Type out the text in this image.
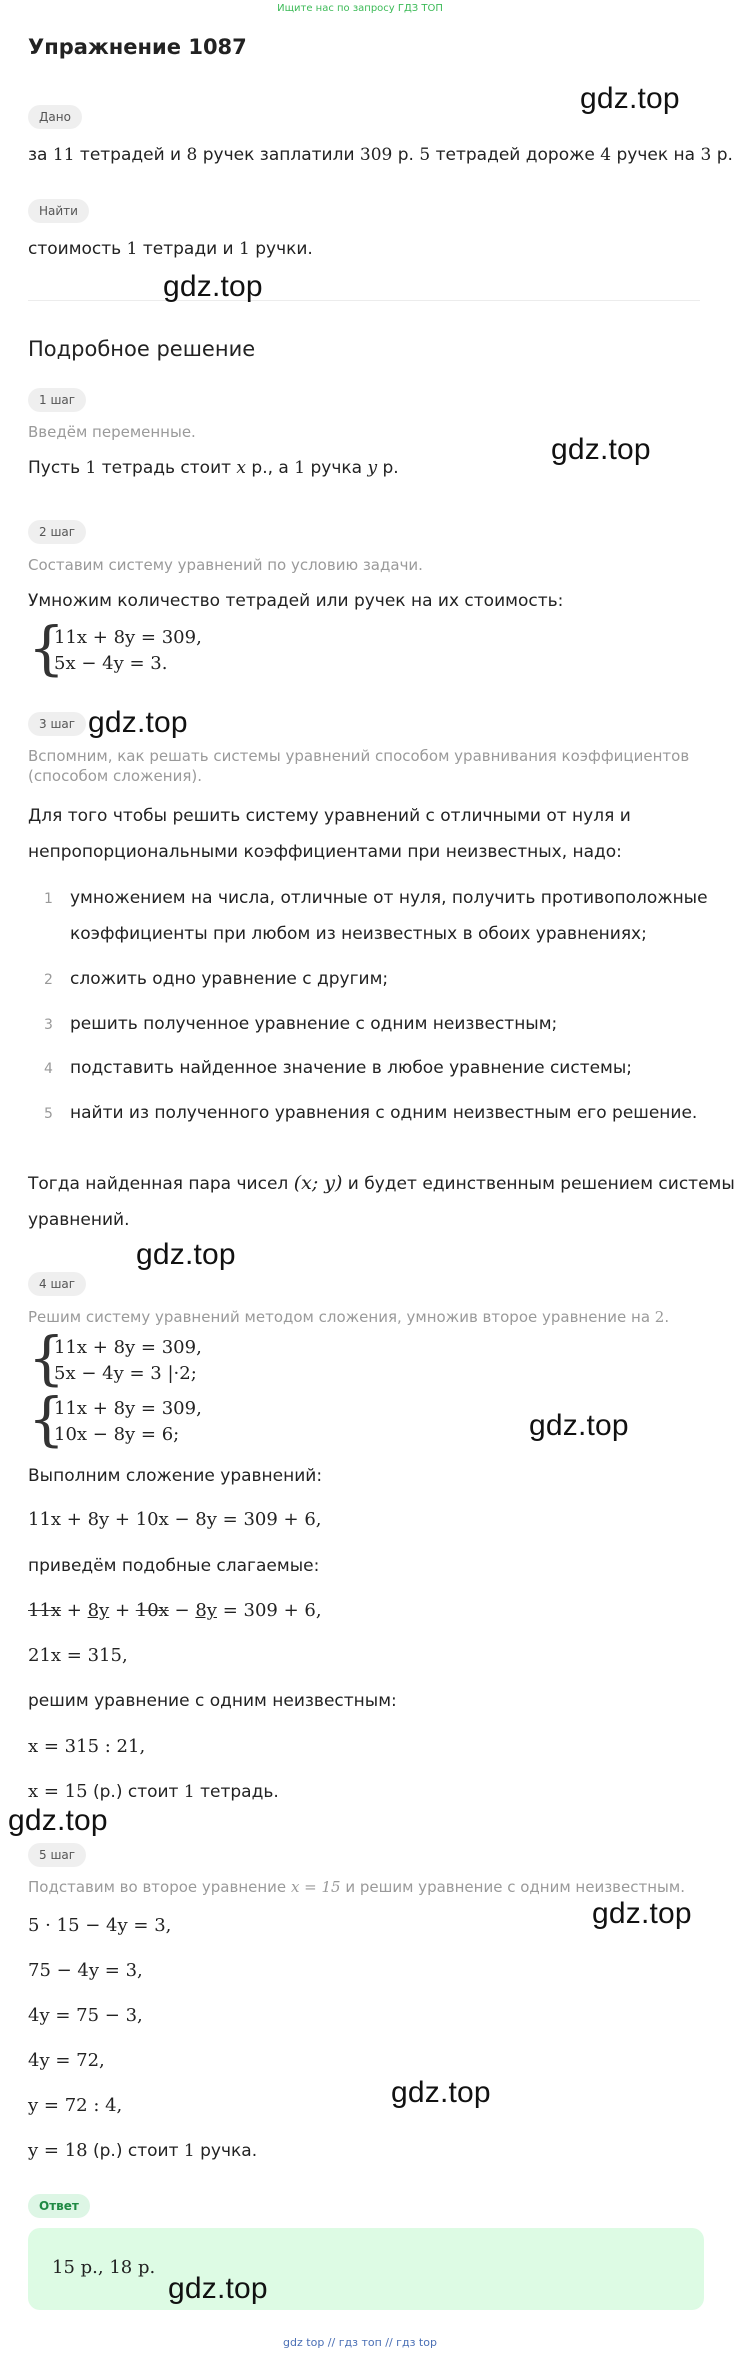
Ищите нас по запросу ГДЗ ТОП
Упражнение 1087
Дано
за 11 тетрадей и 8 ручек заплатили 309 р. 5 тетрадей дороже 4 ручек на 3 р.
Найти
стоимость 1 тетради и 1 ручки.
Подробное решение
1 шаг
Введём переменные.
Пусть 1 тетрадь стоит x р., а 1 ручка y р.
2 шаг
Составим систему уравнений по условию задачи.
Умножим количество тетрадей или ручек на их стоимость:
{
11x + 8y = 309,
5x − 4y = 3.
3 шаг
Вспомним, как решать системы уравнений способом уравнивания коэффициентов
(способом сложения).
Для того чтобы решить систему уравнений с отличными от нуля и
непропорциональными коэффициентами при неизвестных, надо:
1 умножением на числа, отличные от нуля, получить противоположные
коэффициенты при любом из неизвестных в обоих уравнениях;
2 сложить одно уравнение с другим;
3 решить полученное уравнение с одним неизвестным;
4 подставить найденное значение в любое уравнение системы;
5 найти из полученного уравнения с одним неизвестным его решение.
Тогда найденная пара чисел (x; y) и будет единственным решением системы
уравнений.
4 шаг
Решим систему уравнений методом сложения, умножив второе уравнение на 2.
{
11x + 8y = 309,
5x − 4y = 3 |·2;
{
11x + 8y = 309,
10x − 8y = 6;
Выполним сложение уравнений:
11x + 8y + 10x − 8y = 309 + 6,
приведём подобные слагаемые:
11x + 8y + 10x − 8y = 309 + 6,
21x = 315,
решим уравнение с одним неизвестным:
x = 315 : 21,
x = 15 (р.) стоит 1 тетрадь.
5 шаг
Подставим во второе уравнение x = 15 и решим уравнение с одним неизвестным.
5 · 15 − 4y = 3,
75 − 4y = 3,
4y = 75 − 3,
4y = 72,
y = 72 : 4,
y = 18 (р.) стоит 1 ручка.
Ответ
15 р., 18 р.
gdz.top
gdz.top
gdz.top
gdz.top
gdz.top
gdz.top
gdz.top
gdz.top
gdz.top
gdz.top
gdz top // гдз топ // гдз top
